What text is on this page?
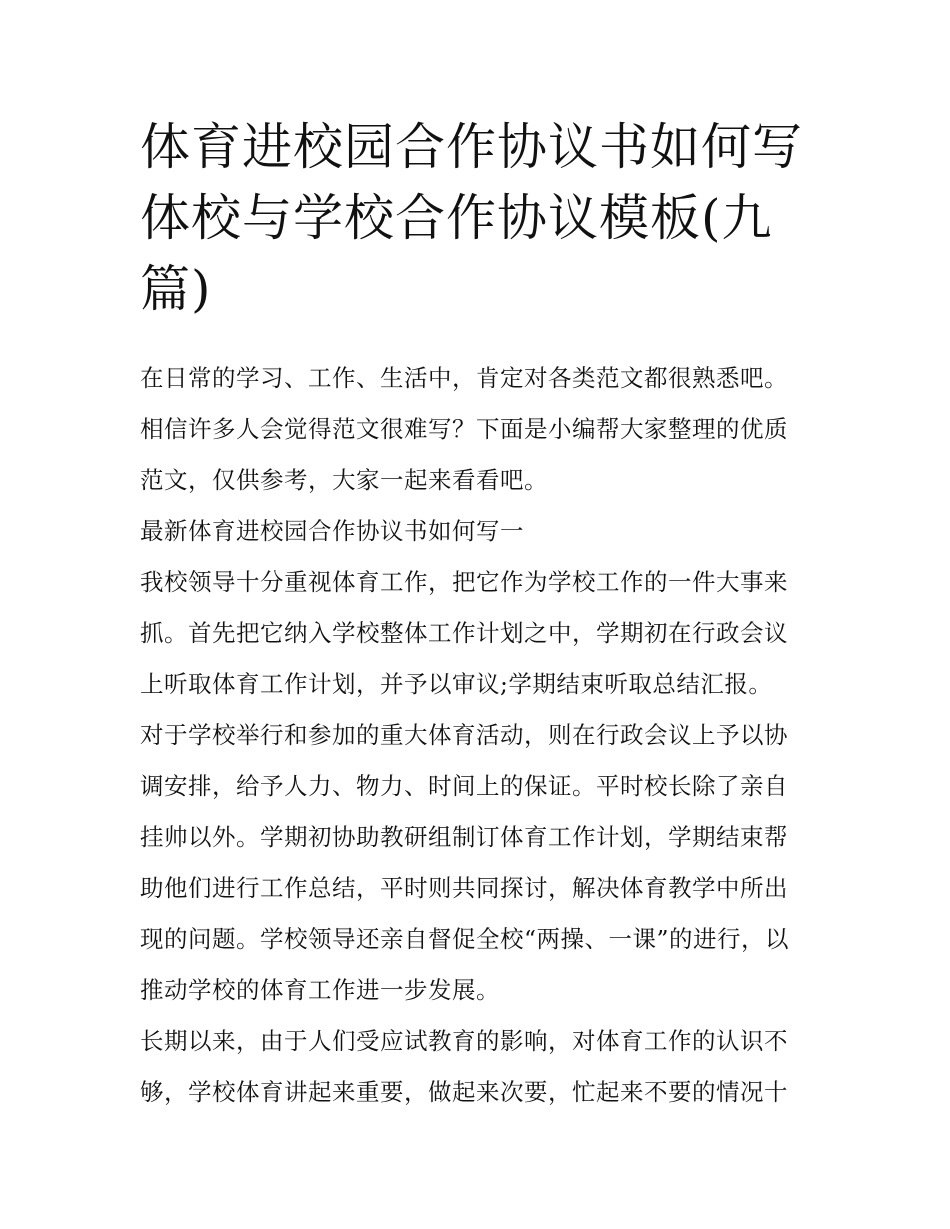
体育进校园合作协议书如何写
体校与学校合作协议模板(九
篇)

在日常的学习、工作、生活中，肯定对各类范文都很熟悉吧。
相信许多人会觉得范文很难写？下面是小编帮大家整理的优质
范文，仅供参考，大家一起来看看吧。

最新体育进校园合作协议书如何写一

我校领导十分重视体育工作，把它作为学校工作的一件大事来
抓。首先把它纳入学校整体工作计划之中，学期初在行政会议
上听取体育工作计划，并予以审议;学期结束听取总结汇报。

对于学校举行和参加的重大体育活动，则在行政会议上予以协
调安排，给予人力、物力、时间上的保证。平时校长除了亲自
挂帅以外。学期初协助教研组制订体育工作计划，学期结束帮
助他们进行工作总结，平时则共同探讨，解决体育教学中所出
现的问题。学校领导还亲自督促全校“两操、一课”的进行，以
推动学校的体育工作进一步发展。

长期以来，由于人们受应试教育的影响，对体育工作的认识不
够，学校体育讲起来重要，做起来次要，忙起来不要的情况十
